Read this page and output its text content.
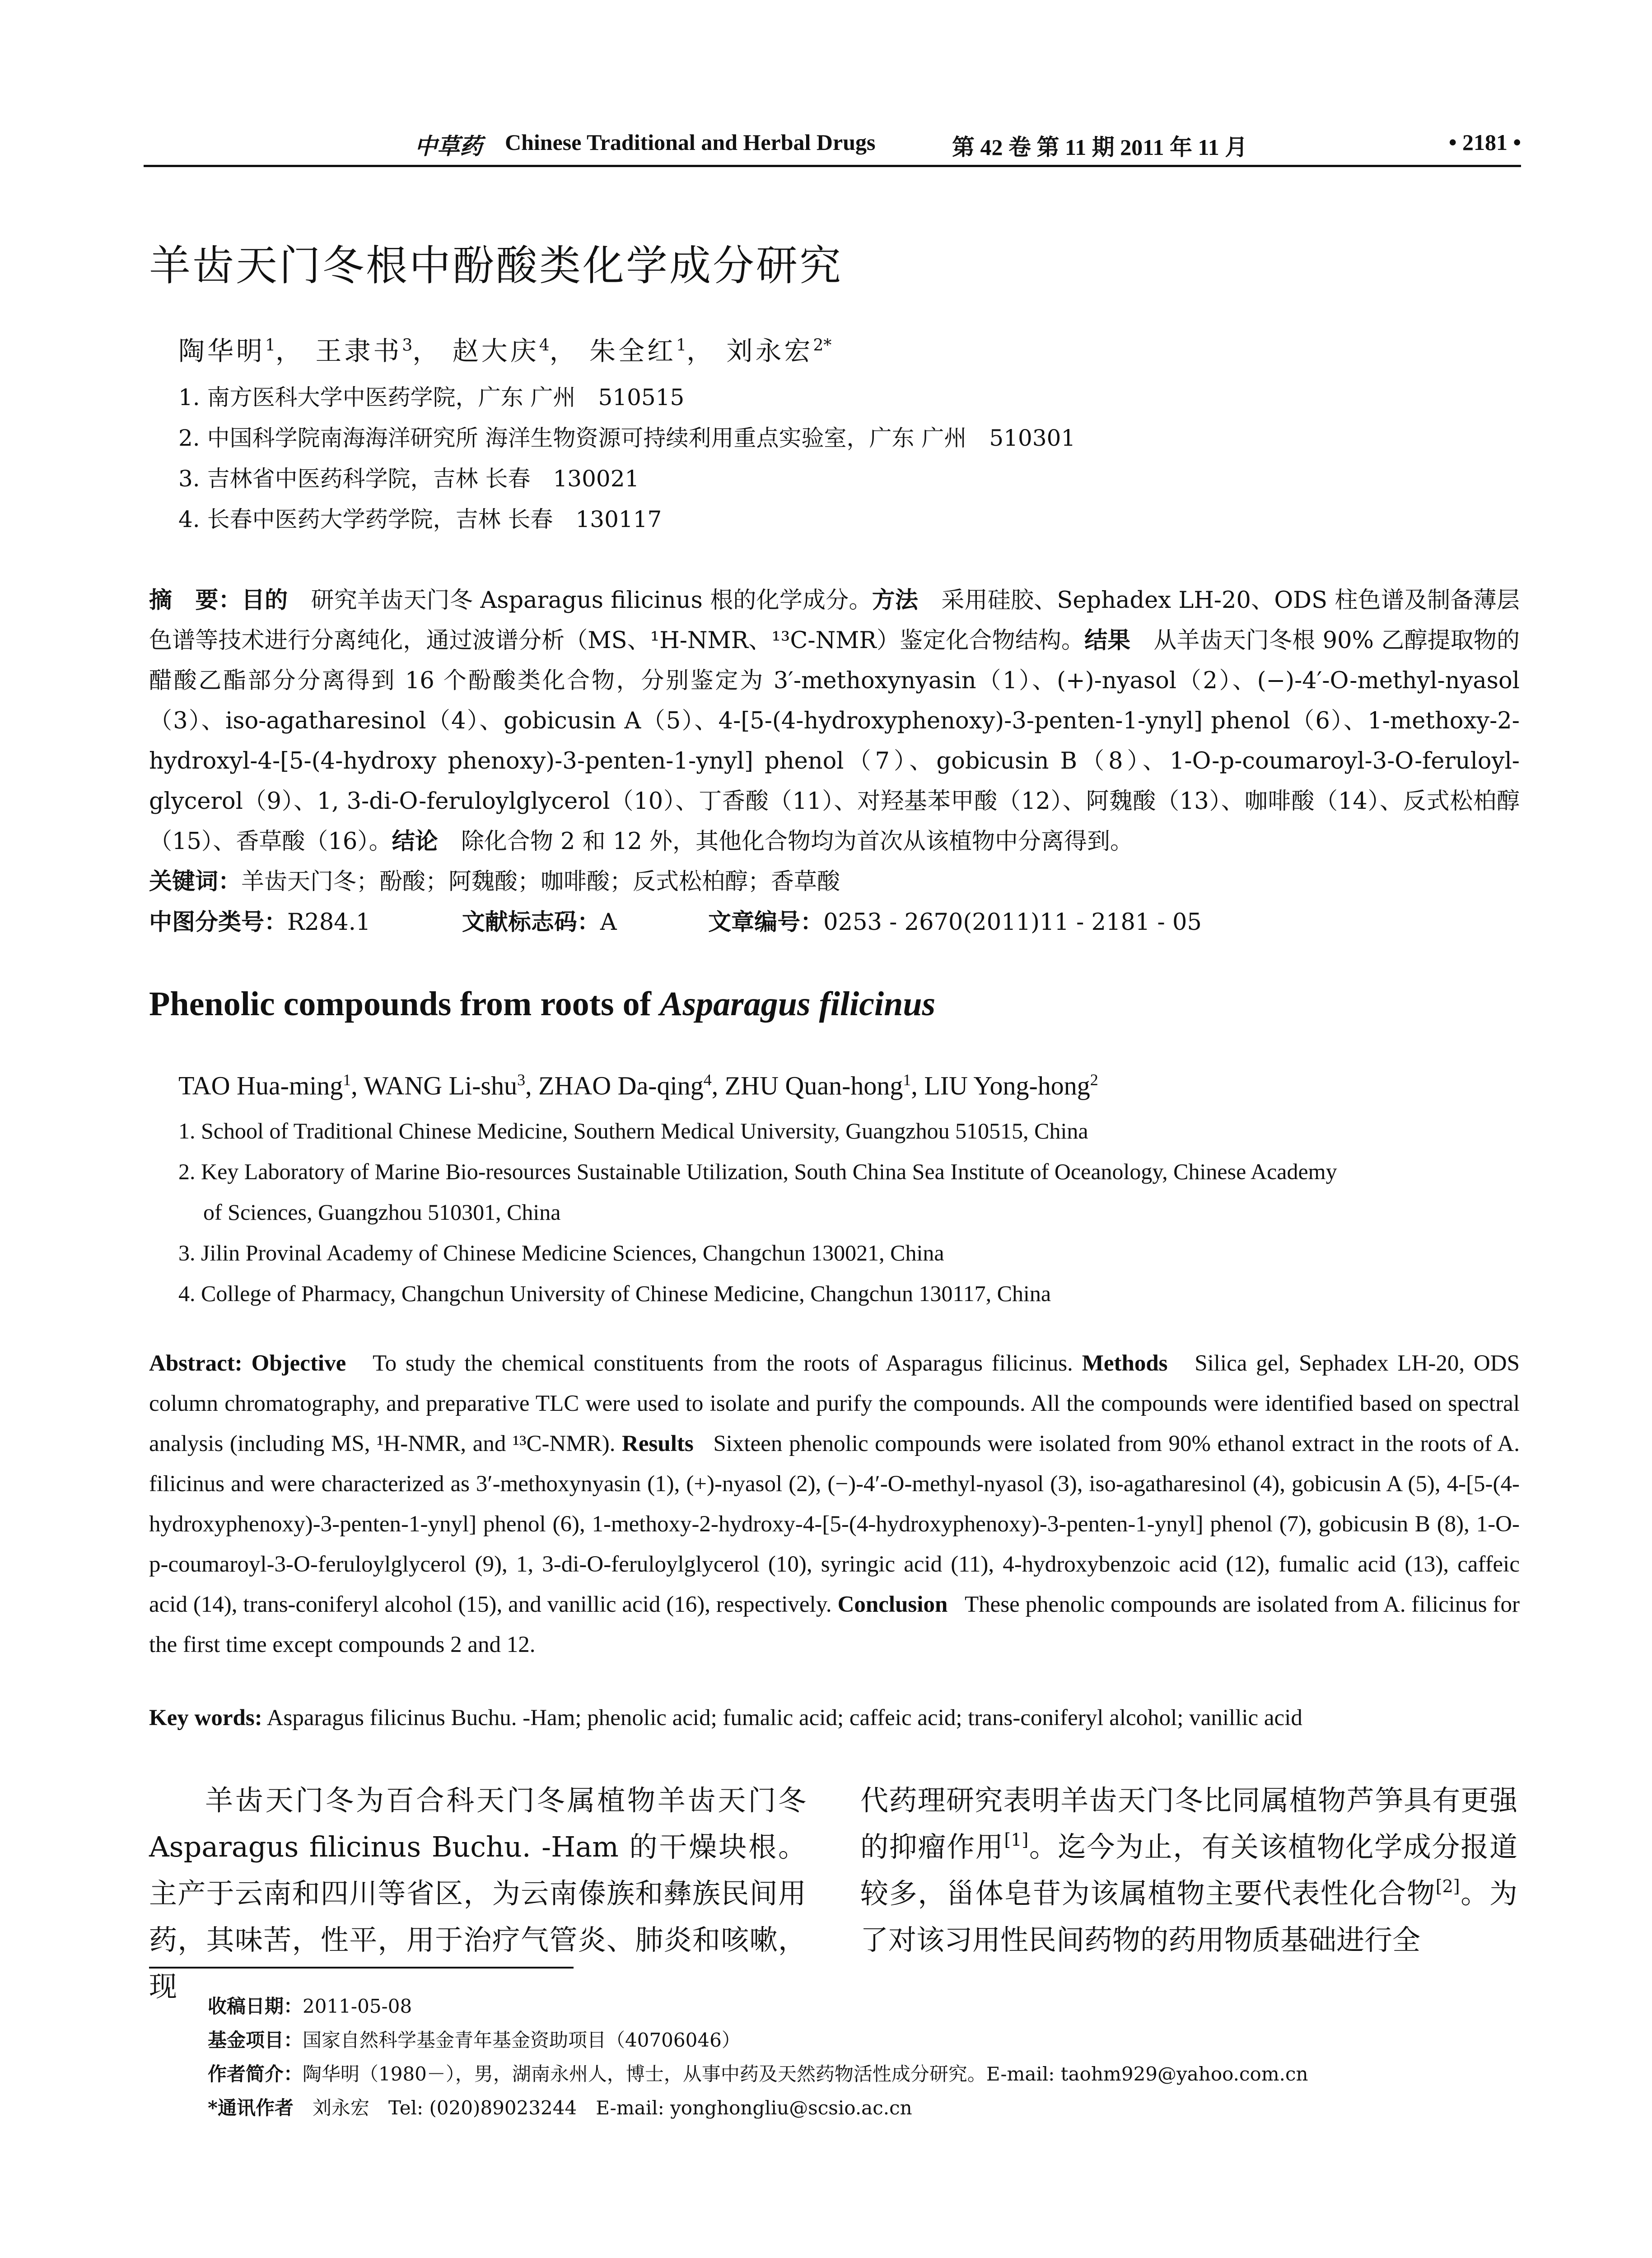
中草药 Chinese Traditional and Herbal Drugs	第 42 卷 第 11 期 2011 年 11 月	• 2181 •
羊齿天门冬根中酚酸类化学成分研究
陶华明$^1$， 王隶书$^3$， 赵大庆$^4$， 朱全红$^1$， 刘永宏$^{2*}$
1. 南方医科大学中医药学院，广东 广州　510515
2. 中国科学院南海海洋研究所 海洋生物资源可持续利用重点实验室，广东 广州　510301
3. 吉林省中医药科学院，吉林 长春　130021
4. 长春中医药大学药学院，吉林 长春　130117
摘　要：目的　 研究羊齿天门冬 Asparagus filicinus 根的化学成分。方法　 采用硅胶、Sephadex LH-20、ODS 柱色谱及制备薄层色谱等技术进行分离纯化，通过波谱分析（MS、¹H-NMR、¹³C-NMR）鉴定化合物结构。结果　 从羊齿天门冬根 90% 乙醇提取物的醋酸乙酯部分分离得到 16 个酚酸类化合物，分别鉴定为 3′-methoxynyasin（1）、(+)-nyasol（2）、(−)-4′-O-methyl-nyasol（3）、iso-agatharesinol（4）、gobicusin A（5）、4-[5-(4-hydroxyphenoxy)-3-penten-1-ynyl] phenol（6）、1-methoxy-2-hydroxyl-4-[5-(4-hydroxy phenoxy)-3-penten-1-ynyl] phenol（7）、gobicusin B（8）、1-O-p-coumaroyl-3-O-feruloyl-glycerol（9）、1, 3-di-O-feruloylglycerol（10）、丁香酸（11）、对羟基苯甲酸（12）、阿魏酸（13）、咖啡酸（14）、反式松柏醇（15）、香草酸（16）。结论　 除化合物 2 和 12 外，其他化合物均为首次从该植物中分离得到。
关键词：羊齿天门冬；酚酸；阿魏酸；咖啡酸；反式松柏醇；香草酸
中图分类号：R284.1	文献标志码：A	文章编号：0253 - 2670(2011)11 - 2181 - 05
Phenolic compounds from roots of Asparagus filicinus
TAO Hua-ming$^1$, WANG Li-shu$^3$, ZHAO Da-qing$^4$, ZHU Quan-hong$^1$, LIU Yong-hong$^2$
1. School of Traditional Chinese Medicine, Southern Medical University, Guangzhou 510515, China
2. Key Laboratory of Marine Bio-resources Sustainable Utilization, South China Sea Institute of Oceanology, Chinese Academy
of Sciences, Guangzhou 510301, China
3. Jilin Provinal Academy of Chinese Medicine Sciences, Changchun 130021, China
4. College of Pharmacy, Changchun University of Chinese Medicine, Changchun 130117, China
Abstract: Objective To study the chemical constituents from the roots of Asparagus filicinus. Methods Silica gel, Sephadex LH-20, ODS column chromatography, and preparative TLC were used to isolate and purify the compounds. All the compounds were identified based on spectral analysis (including MS, ¹H-NMR, and ¹³C-NMR). Results Sixteen phenolic compounds were isolated from 90% ethanol extract in the roots of A. filicinus and were characterized as 3′-methoxynyasin (1), (+)-nyasol (2), (−)-4′-O-methyl-nyasol (3), iso-agatharesinol (4), gobicusin A (5), 4-[5-(4-hydroxyphenoxy)-3-penten-1-ynyl] phenol (6), 1-methoxy-2-hydroxy-4-[5-(4-hydroxyphenoxy)-3-penten-1-ynyl] phenol (7), gobicusin B (8), 1-O-p-coumaroyl-3-O-feruloylglycerol (9), 1, 3-di-O-feruloylglycerol (10), syringic acid (11), 4-hydroxybenzoic acid (12), fumalic acid (13), caffeic acid (14), trans-coniferyl alcohol (15), and vanillic acid (16), respectively. Conclusion These phenolic compounds are isolated from A. filicinus for the first time except compounds 2 and 12.
Key words: Asparagus filicinus Buchu. -Ham; phenolic acid; fumalic acid; caffeic acid; trans-coniferyl alcohol; vanillic acid
羊齿天门冬为百合科天门冬属植物羊齿天门冬 Asparagus filicinus Buchu. -Ham 的干燥块根。主产于云南和四川等省区，为云南傣族和彝族民间用药，其味苦，性平，用于治疗气管炎、肺炎和咳嗽，现
代药理研究表明羊齿天门冬比同属植物芦笋具有更强的抑瘤作用[1]。迄今为止，有关该植物化学成分报道较多，甾体皂苷为该属植物主要代表性化合物[2]。为了对该习用性民间药物的药用物质基础进行全
收稿日期：2011-05-08
基金项目：国家自然科学基金青年基金资助项目（40706046）
作者简介：陶华明（1980－），男，湖南永州人，博士，从事中药及天然药物活性成分研究。E-mail: taohm929@yahoo.com.cn
*通讯作者　刘永宏　Tel: (020)89023244　E-mail: yonghongliu@scsio.ac.cn
